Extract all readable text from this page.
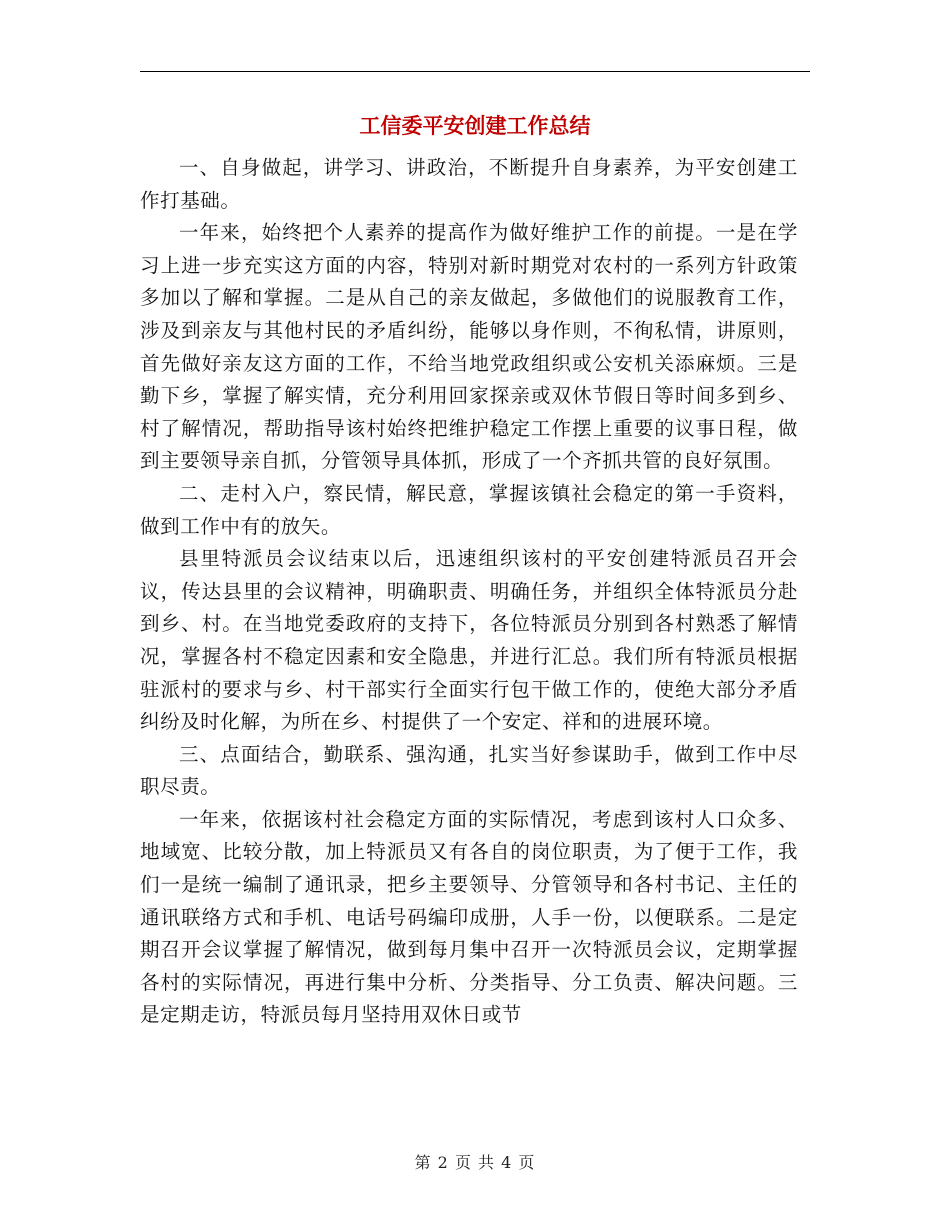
工信委平安创建工作总结

一、自身做起，讲学习、讲政治，不断提升自身素养，为平安创建工作打基础。

一年来，始终把个人素养的提高作为做好维护工作的前提。一是在学习上进一步充实这方面的内容，特别对新时期党对农村的一系列方针政策多加以了解和掌握。二是从自己的亲友做起，多做他们的说服教育工作，涉及到亲友与其他村民的矛盾纠纷，能够以身作则，不徇私情，讲原则，首先做好亲友这方面的工作，不给当地党政组织或公安机关添麻烦。三是勤下乡，掌握了解实情，充分利用回家探亲或双休节假日等时间多到乡、村了解情况，帮助指导该村始终把维护稳定工作摆上重要的议事日程，做到主要领导亲自抓，分管领导具体抓，形成了一个齐抓共管的良好氛围。

二、走村入户，察民情，解民意，掌握该镇社会稳定的第一手资料，做到工作中有的放矢。

县里特派员会议结束以后，迅速组织该村的平安创建特派员召开会议，传达县里的会议精神，明确职责、明确任务，并组织全体特派员分赴到乡、村。在当地党委政府的支持下，各位特派员分别到各村熟悉了解情况，掌握各村不稳定因素和安全隐患，并进行汇总。我们所有特派员根据驻派村的要求与乡、村干部实行全面实行包干做工作的，使绝大部分矛盾纠纷及时化解，为所在乡、村提供了一个安定、祥和的进展环境。

三、点面结合，勤联系、强沟通，扎实当好参谋助手，做到工作中尽职尽责。

一年来，依据该村社会稳定方面的实际情况，考虑到该村人口众多、地域宽、比较分散，加上特派员又有各自的岗位职责，为了便于工作，我们一是统一编制了通讯录，把乡主要领导、分管领导和各村书记、主任的通讯联络方式和手机、电话号码编印成册，人手一份，以便联系。二是定期召开会议掌握了解情况，做到每月集中召开一次特派员会议，定期掌握各村的实际情况，再进行集中分析、分类指导、分工负责、解决问题。三是定期走访，特派员每月坚持用双休日或节

第 2 页 共 4 页
